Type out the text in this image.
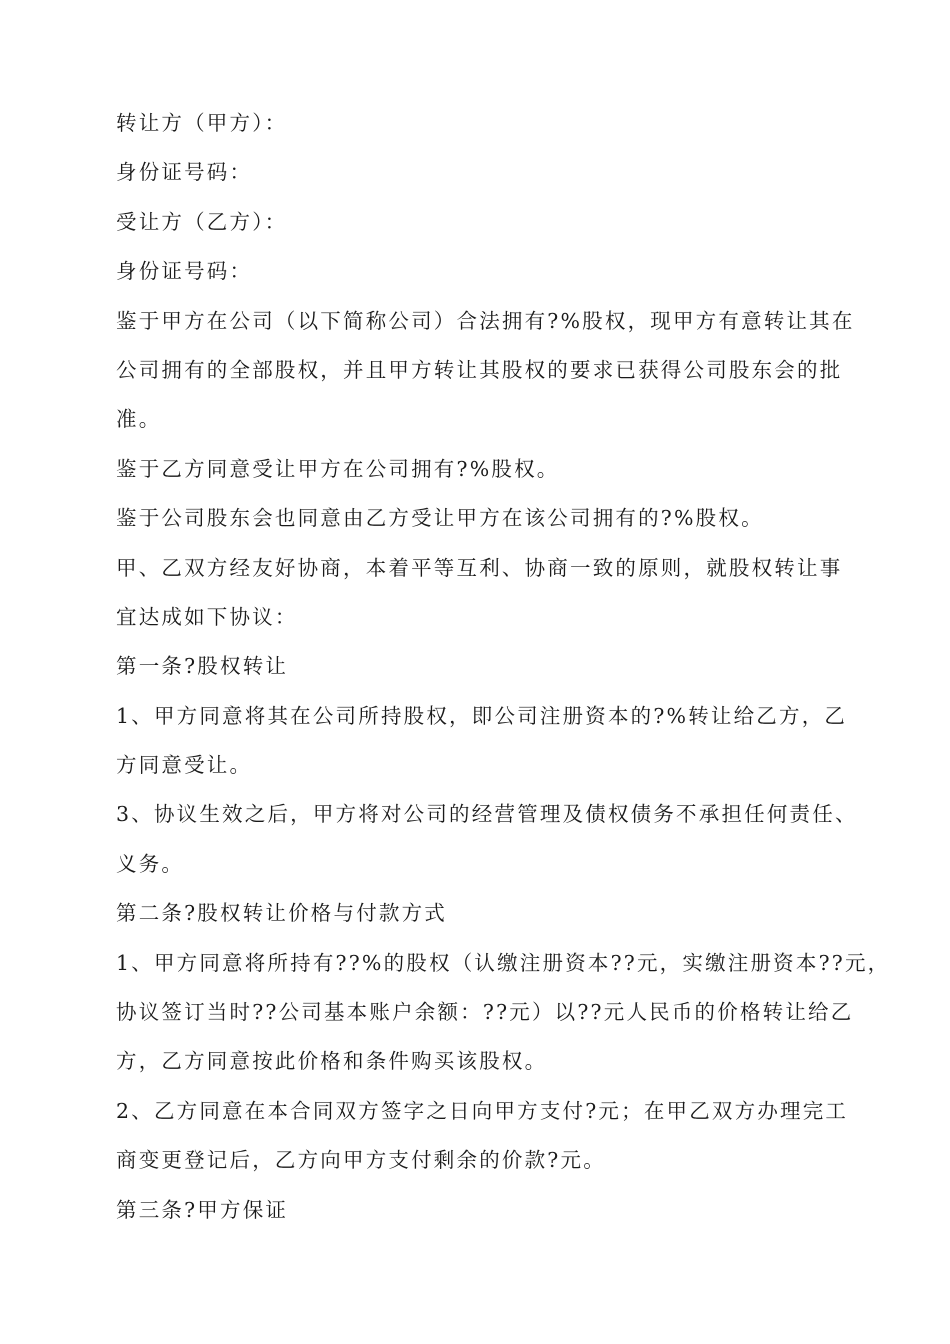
转让方（甲方）：

身份证号码：

受让方（乙方）：

身份证号码：

鉴于甲方在公司（以下简称公司）合法拥有?%股权，现甲方有意转让其在
公司拥有的全部股权，并且甲方转让其股权的要求已获得公司股东会的批
准。

鉴于乙方同意受让甲方在公司拥有?%股权。

鉴于公司股东会也同意由乙方受让甲方在该公司拥有的?%股权。

甲、乙双方经友好协商，本着平等互利、协商一致的原则，就股权转让事
宜达成如下协议：

第一条?股权转让

1、甲方同意将其在公司所持股权，即公司注册资本的?%转让给乙方，乙
方同意受让。

3、协议生效之后，甲方将对公司的经营管理及债权债务不承担任何责任、
义务。

第二条?股权转让价格与付款方式

1、甲方同意将所持有??%的股权（认缴注册资本??元，实缴注册资本??元，
协议签订当时??公司基本账户余额：??元）以??元人民币的价格转让给乙
方，乙方同意按此价格和条件购买该股权。

2、乙方同意在本合同双方签字之日向甲方支付?元；在甲乙双方办理完工
商变更登记后，乙方向甲方支付剩余的价款?元。

第三条?甲方保证
